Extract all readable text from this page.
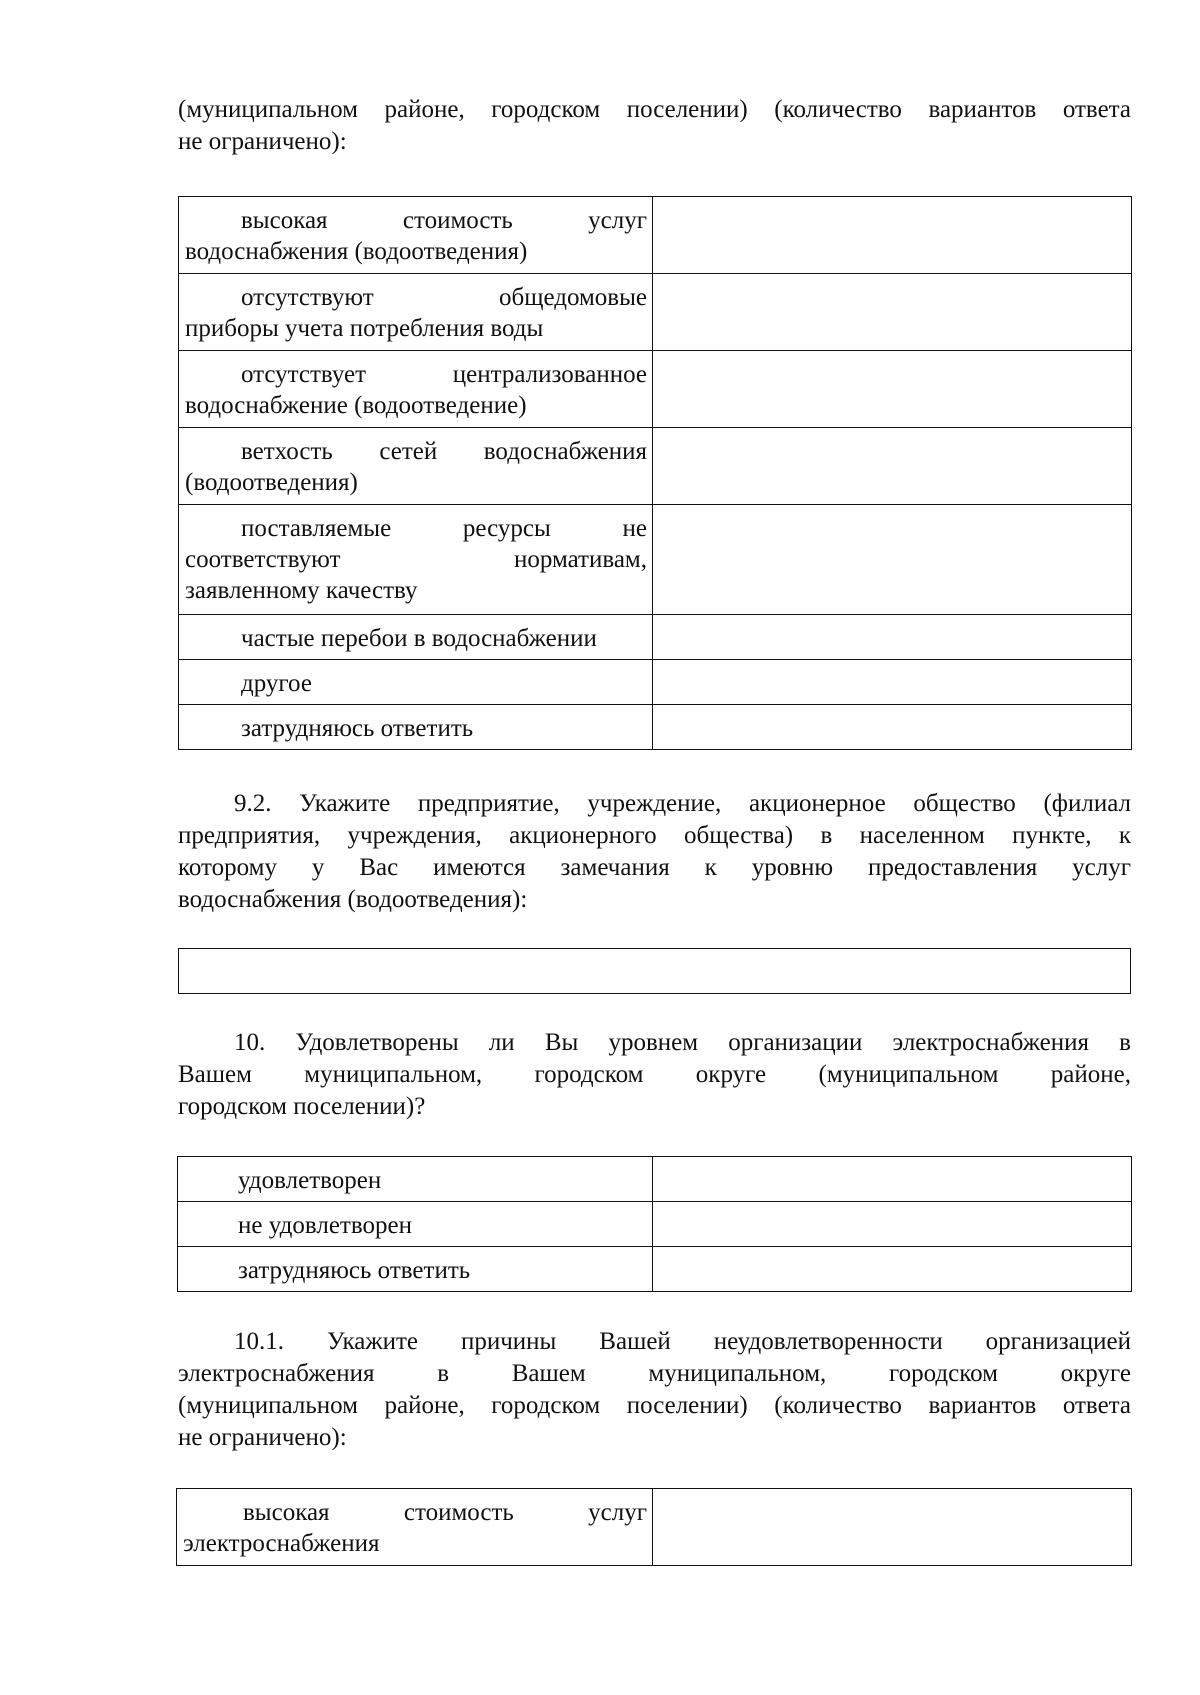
(муниципальном районе, городском поселении) (количество вариантов ответа
не ограничено):

высокая стоимость услуг
водоснабжения (водоотведения)	

отсутствуют общедомовые
приборы учета потребления воды	

отсутствует централизованное
водоснабжение (водоотведение)	

ветхость сетей водоснабжения
(водоотведения)	

поставляемые ресурсы не
соответствуют нормативам,
заявленному качеству	

частые перебои в водоснабжении	

другое	

затрудняюсь ответить	

9.2. Укажите предприятие, учреждение, акционерное общество (филиал
предприятия, учреждения, акционерного общества) в населенном пункте, к
которому у Вас имеются замечания к уровню предоставления услуг
водоснабжения (водоотведения):

10. Удовлетворены ли Вы уровнем организации электроснабжения в
Вашем муниципальном, городском округе (муниципальном районе,
городском поселении)?

удовлетворен	

не удовлетворен	

затрудняюсь ответить	

10.1. Укажите причины Вашей неудовлетворенности организацией
электроснабжения в Вашем муниципальном, городском округе
(муниципальном районе, городском поселении) (количество вариантов ответа
не ограничено):

высокая стоимость услуг
электроснабжения
